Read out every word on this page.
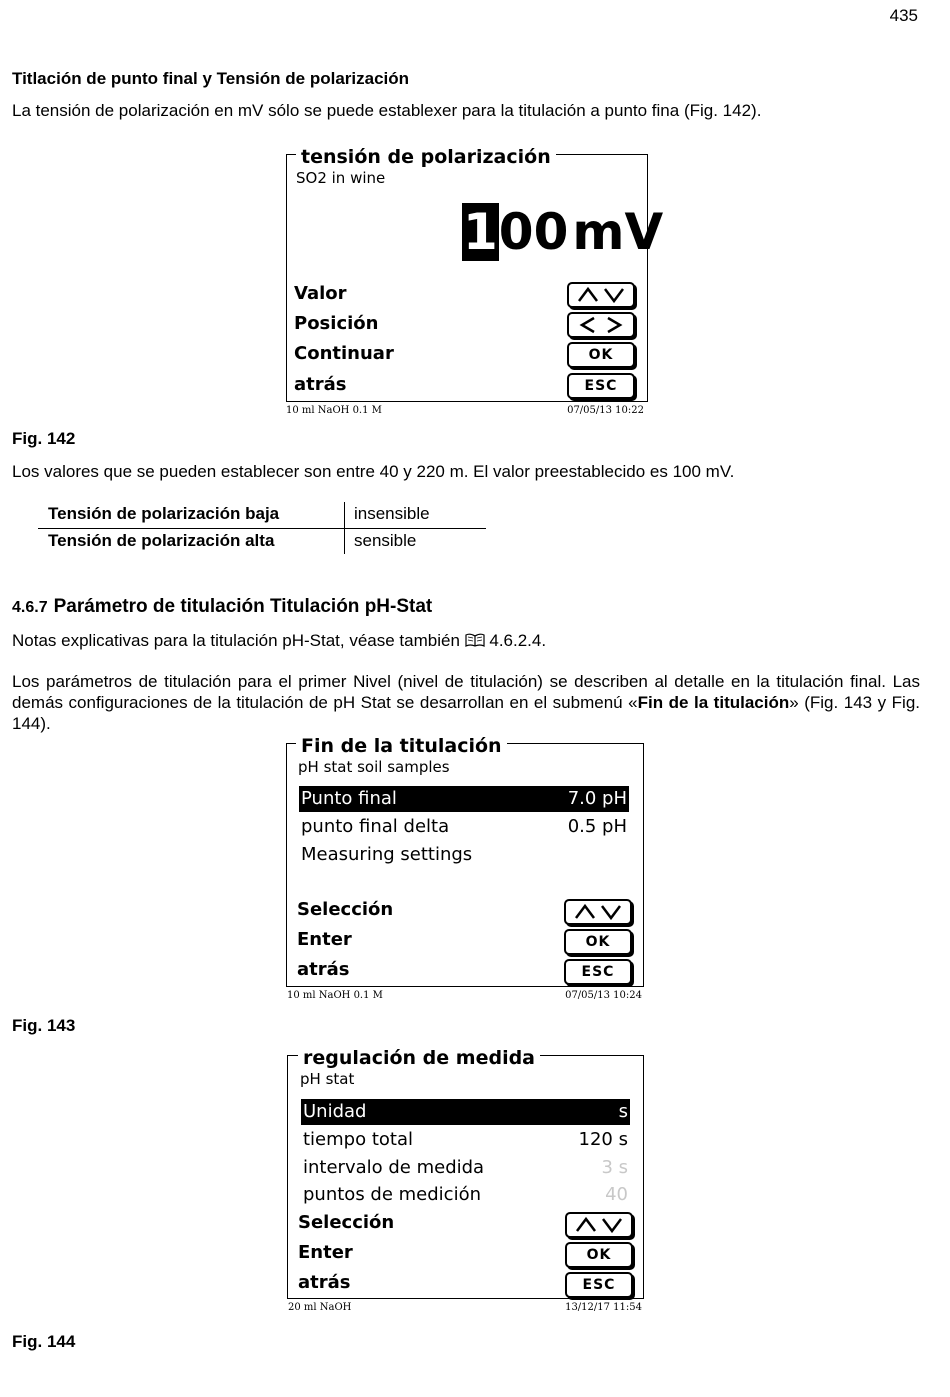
435
Titlación de punto final y Tensión de polarización
La tensión de polarización en mV sólo se puede establexer para la titulación a punto fina (Fig. 142).
tensión de polarización
SO2 in wine
100mV
Valor
Posición
Continuar	OK
atrás	ESC
10 ml NaOH 0.1 M	07/05/13 10:22
Fig. 142
Los valores que se pueden establecer son entre 40 y 220 m. El valor preestablecido es 100 mV.
Tensión de polarización baja	insensible
Tensión de polarización alta	sensible
4.6.7 Parámetro de titulación Titulación pH-Stat
Notas explicativas para la titulación pH-Stat, véase también 4.6.2.4.
Los parámetros de titulación para el primer Nivel (nivel de titulación) se describen al detalle en la titulación final. Las demás configuraciones de la titulación de pH Stat se desarrollan en el submenú «Fin de la titulación» (Fig. 143 y Fig. 144).
Fin de la titulación
pH stat soil samples
Punto final	7.0 pH
punto final delta	0.5 pH
Measuring settings
Selección
Enter	OK
atrás	ESC
10 ml NaOH 0.1 M	07/05/13 10:24
Fig. 143
regulación de medida
pH stat
Unidad	s
tiempo total	120 s
intervalo de medida	3 s
puntos de medición	40
Selección
Enter	OK
atrás	ESC
20 ml NaOH	13/12/17 11:54
Fig. 144
